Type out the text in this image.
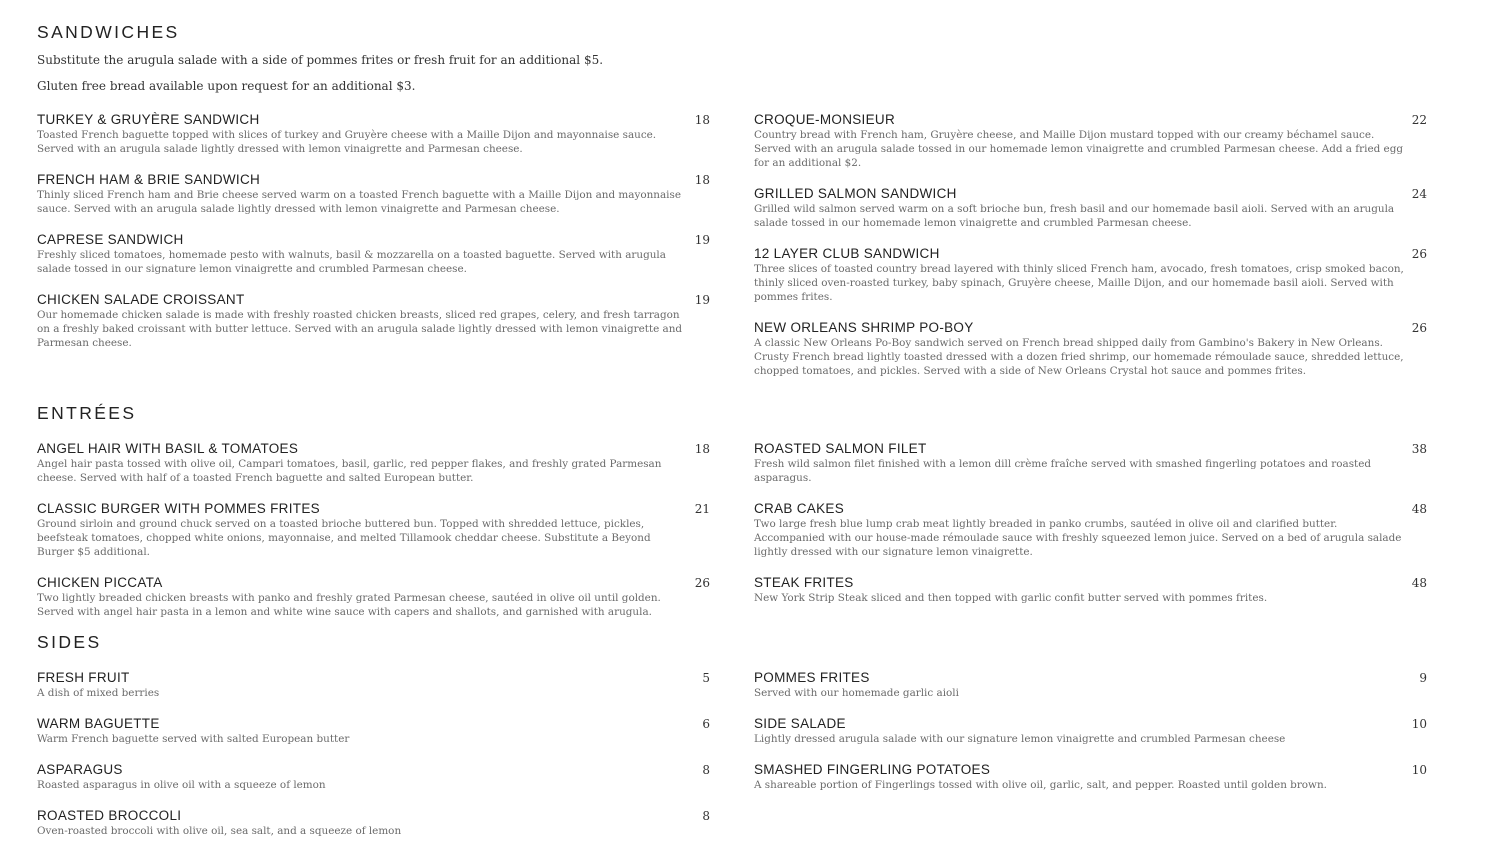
SANDWICHES

Substitute the arugula salade with a side of pommes frites or fresh fruit for an additional $5.

Gluten free bread available upon request for an additional $3.

TURKEY & GRUYÈRE SANDWICH	18

Toasted French baguette topped with slices of turkey and Gruyère cheese with a Maille Dijon and mayonnaise sauce. Served with an arugula salade lightly dressed with lemon vinaigrette and Parmesan cheese.

FRENCH HAM & BRIE SANDWICH	18

Thinly sliced French ham and Brie cheese served warm on a toasted French baguette with a Maille Dijon and mayonnaise sauce. Served with an arugula salade lightly dressed with lemon vinaigrette and Parmesan cheese.

CAPRESE SANDWICH	19

Freshly sliced tomatoes, homemade pesto with walnuts, basil & mozzarella on a toasted baguette. Served with arugula salade tossed in our signature lemon vinaigrette and crumbled Parmesan cheese.

CHICKEN SALADE CROISSANT	19

Our homemade chicken salade is made with freshly roasted chicken breasts, sliced red grapes, celery, and fresh tarragon on a freshly baked croissant with butter lettuce. Served with an arugula salade lightly dressed with lemon vinaigrette and Parmesan cheese.

CROQUE-MONSIEUR	22

Country bread with French ham, Gruyère cheese, and Maille Dijon mustard topped with our creamy béchamel sauce. Served with an arugula salade tossed in our homemade lemon vinaigrette and crumbled Parmesan cheese. Add a fried egg for an additional $2.

GRILLED SALMON SANDWICH	24

Grilled wild salmon served warm on a soft brioche bun, fresh basil and our homemade basil aioli. Served with an arugula salade tossed in our homemade lemon vinaigrette and crumbled Parmesan cheese.

12 LAYER CLUB SANDWICH	26

Three slices of toasted country bread layered with thinly sliced French ham, avocado, fresh tomatoes, crisp smoked bacon, thinly sliced oven-roasted turkey, baby spinach, Gruyère cheese, Maille Dijon, and our homemade basil aioli. Served with pommes frites.

NEW ORLEANS SHRIMP PO-BOY	26

A classic New Orleans Po-Boy sandwich served on French bread shipped daily from Gambino's Bakery in New Orleans. Crusty French bread lightly toasted dressed with a dozen fried shrimp, our homemade rémoulade sauce, shredded lettuce, chopped tomatoes, and pickles. Served with a side of New Orleans Crystal hot sauce and pommes frites.

ENTRÉES
ANGEL HAIR WITH BASIL & TOMATOES	18

Angel hair pasta tossed with olive oil, Campari tomatoes, basil, garlic, red pepper flakes, and freshly grated Parmesan cheese. Served with half of a toasted French baguette and salted European butter.

CLASSIC BURGER WITH POMMES FRITES	21

Ground sirloin and ground chuck served on a toasted brioche buttered bun. Topped with shredded lettuce, pickles, beefsteak tomatoes, chopped white onions, mayonnaise, and melted Tillamook cheddar cheese. Substitute a Beyond Burger $5 additional.

CHICKEN PICCATA	26

Two lightly breaded chicken breasts with panko and freshly grated Parmesan cheese, sautéed in olive oil until golden. Served with angel hair pasta in a lemon and white wine sauce with capers and shallots, and garnished with arugula.

ROASTED SALMON FILET	38

Fresh wild salmon filet finished with a lemon dill crème fraîche served with smashed fingerling potatoes and roasted asparagus.

CRAB CAKES	48

Two large fresh blue lump crab meat lightly breaded in panko crumbs, sautéed in olive oil and clarified butter. Accompanied with our house-made rémoulade sauce with freshly squeezed lemon juice. Served on a bed of arugula salade lightly dressed with our signature lemon vinaigrette.

STEAK FRITES	48

New York Strip Steak sliced and then topped with garlic confit butter served with pommes frites.

SIDES
FRESH FRUIT	5

A dish of mixed berries

WARM BAGUETTE	6

Warm French baguette served with salted European butter

ASPARAGUS	8

Roasted asparagus in olive oil with a squeeze of lemon

ROASTED BROCCOLI	8

Oven-roasted broccoli with olive oil, sea salt, and a squeeze of lemon

POMMES FRITES	9

Served with our homemade garlic aioli

SIDE SALADE	10

Lightly dressed arugula salade with our signature lemon vinaigrette and crumbled Parmesan cheese

SMASHED FINGERLING POTATOES	10

A shareable portion of Fingerlings tossed with olive oil, garlic, salt, and pepper. Roasted until golden brown.
